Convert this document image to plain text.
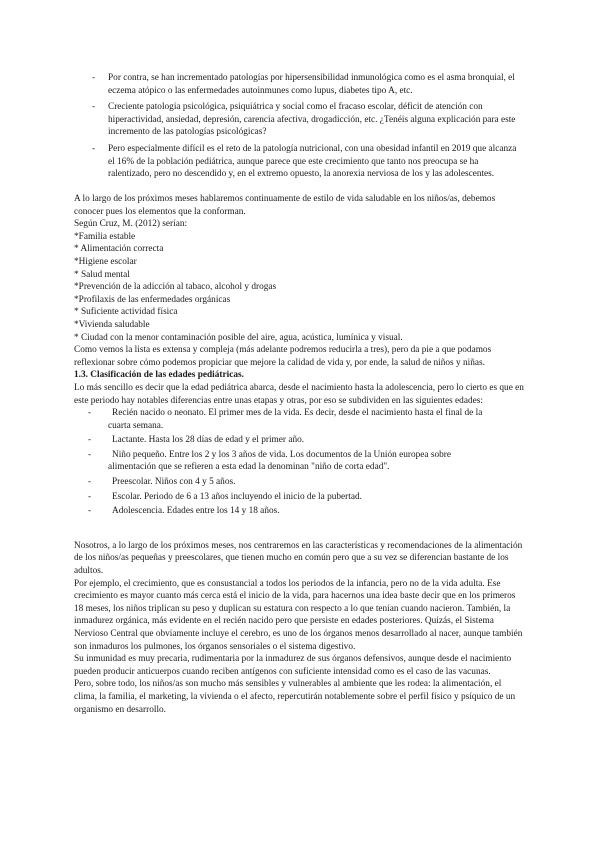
- Por contra, se han incrementado patologías por hipersensibilidad inmunológica como es el asma bronquial, el eczema atópico o las enfermedades autoinmunes como lupus, diabetes tipo A, etc.
- Creciente patología psicológica, psiquiátrica y social como el fracaso escolar, déficit de atención con hiperactividad, ansiedad, depresión, carencia afectiva, drogadicción, etc. ¿Tenéis alguna explicación para este incremento de las patologías psicológicas?
- Pero especialmente difícil es el reto de la patología nutricional, con una obesidad infantil en 2019 que alcanza el 16% de la población pediátrica, aunque parece que este crecimiento que tanto nos preocupa se ha ralentizado, pero no descendido y, en el extremo opuesto, la anorexia nerviosa de los y las adolescentes.

A lo largo de los próximos meses hablaremos continuamente de estilo de vida saludable en los niños/as, debemos conocer pues los elementos que la conforman.

Según Cruz, M. (2012) serían:

*Familia estable
* Alimentación correcta
*Higiene escolar
* Salud mental
*Prevención de la adicción al tabaco, alcohol y drogas
*Profilaxis de las enfermedades orgánicas
* Suficiente actividad física
*Vivienda saludable
* Ciudad con la menor contaminación posible del aire, agua, acústica, lumínica y visual.

Como vemos la lista es extensa y compleja (más adelante podremos reducirla a tres), pero da pie a que podamos reflexionar sobre cómo podemos propiciar que mejore la calidad de vida y, por ende, la salud de niños y niñas.

1.3. Clasificación de las edades pediátricas.

Lo más sencillo es decir que la edad pediátrica abarca, desde el nacimiento hasta la adolescencia, pero lo cierto es que en este periodo hay notables diferencias entre unas etapas y otras, por eso se subdividen en las siguientes edades:

- Recién nacido o neonato. El primer mes de la vida. Es decir, desde el nacimiento hasta el final de la cuarta semana.
- Lactante. Hasta los 28 días de edad y el primer año.
- Niño pequeño. Entre los 2 y los 3 años de vida. Los documentos de la Unión europea sobre alimentación que se refieren a esta edad la denominan "niño de corta edad".
- Preescolar. Niños con 4 y 5 años.
- Escolar. Periodo de 6 a 13 años incluyendo el inicio de la pubertad.
- Adolescencia. Edades entre los 14 y 18 años.

Nosotros, a lo largo de los próximos meses, nos centraremos en las características y recomendaciones de la alimentación de los niños/as pequeñas y preescolares, que tienen mucho en común pero que a su vez se diferencian bastante de los adultos.

Por ejemplo, el crecimiento, que es consustancial a todos los periodos de la infancia, pero no de la vida adulta. Ese crecimiento es mayor cuanto más cerca está el inicio de la vida, para hacernos una idea baste decir que en los primeros 18 meses, los niños triplican su peso y duplican su estatura con respecto a lo que tenían cuando nacieron. También, la inmadurez orgánica, más evidente en el recién nacido pero que persiste en edades posteriores. Quizás, el Sistema Nervioso Central que obviamente incluye el cerebro, es uno de los órganos menos desarrollado al nacer, aunque también son inmaduros los pulmones, los órganos sensoriales o el sistema digestivo.

Su inmunidad es muy precaria, rudimentaria por la inmadurez de sus órganos defensivos, aunque desde el nacimiento pueden producir anticuerpos cuando reciben antígenos con suficiente intensidad como es el caso de las vacunas.

Pero, sobre todo, los niños/as son mucho más sensibles y vulnerables al ambiente que les rodea: la alimentación, el clima, la familia, el marketing, la vivienda o el afecto, repercutirán notablemente sobre el perfil físico y psíquico de un organismo en desarrollo.
